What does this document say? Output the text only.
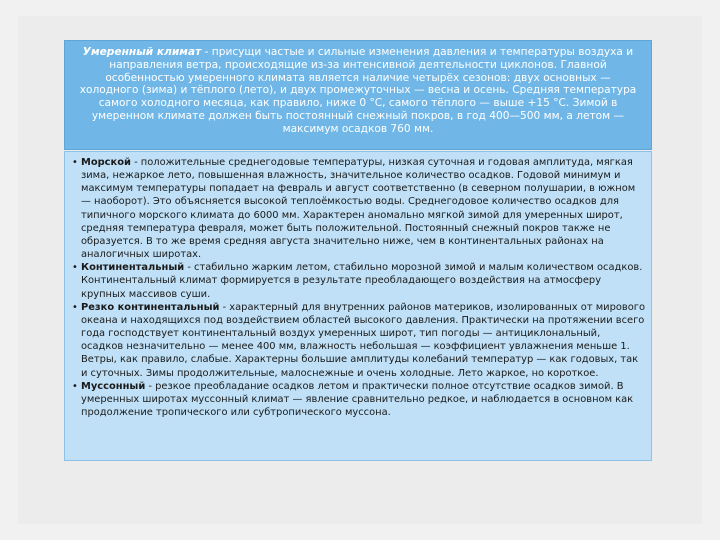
Умеренный климат - присущи частые и сильные изменения давления и температуры воздуха и направления ветра, происходящие из-за интенсивной деятельности циклонов. Главной особенностью умеренного климата является наличие четырёх сезонов: двух основных — холодного (зима) и тёплого (лето), и двух промежуточных — весна и осень. Средняя температура самого холодного месяца, как правило, ниже 0 °C, самого тёплого — выше +15 °C. Зимой в умеренном климате должен быть постоянный снежный покров, в год 400—500 мм, а летом — максимум осадков 760 мм.

• Морской - положительные среднегодовые температуры, низкая суточная и годовая амплитуда, мягкая зима, нежаркое лето, повышенная влажность, значительное количество осадков. Годовой минимум и максимум температуры попадает на февраль и август соответственно (в северном полушарии, в южном — наоборот). Это объясняется высокой теплоёмкостью воды. Среднегодовое количество осадков для типичного морского климата до 6000 мм. Характерен аномально мягкой зимой для умеренных широт, средняя температура февраля, может быть положительной. Постоянный снежный покров также не образуется. В то же время средняя августа значительно ниже, чем в континентальных районах на аналогичных широтах.

• Континентальный - стабильно жарким летом, стабильно морозной зимой и малым количеством осадков. Континентальный климат формируется в результате преобладающего воздействия на атмосферу крупных массивов суши.

• Резко континентальный - характерный для внутренних районов материков, изолированных от мирового океана и находящихся под воздействием областей высокого давления. Практически на протяжении всего года господствует континентальный воздух умеренных широт, тип погоды — антициклональный, осадков незначительно — менее 400 мм, влажность небольшая — коэффициент увлажнения меньше 1. Ветры, как правило, слабые. Характерны большие амплитуды колебаний температур — как годовых, так и суточных. Зимы продолжительные, малоснежные и очень холодные. Лето жаркое, но короткое.

• Муссонный - резкое преобладание осадков летом и практически полное отсутствие осадков зимой. В умеренных широтах муссонный климат — явление сравнительно редкое, и наблюдается в основном как продолжение тропического или субтропического муссона.
